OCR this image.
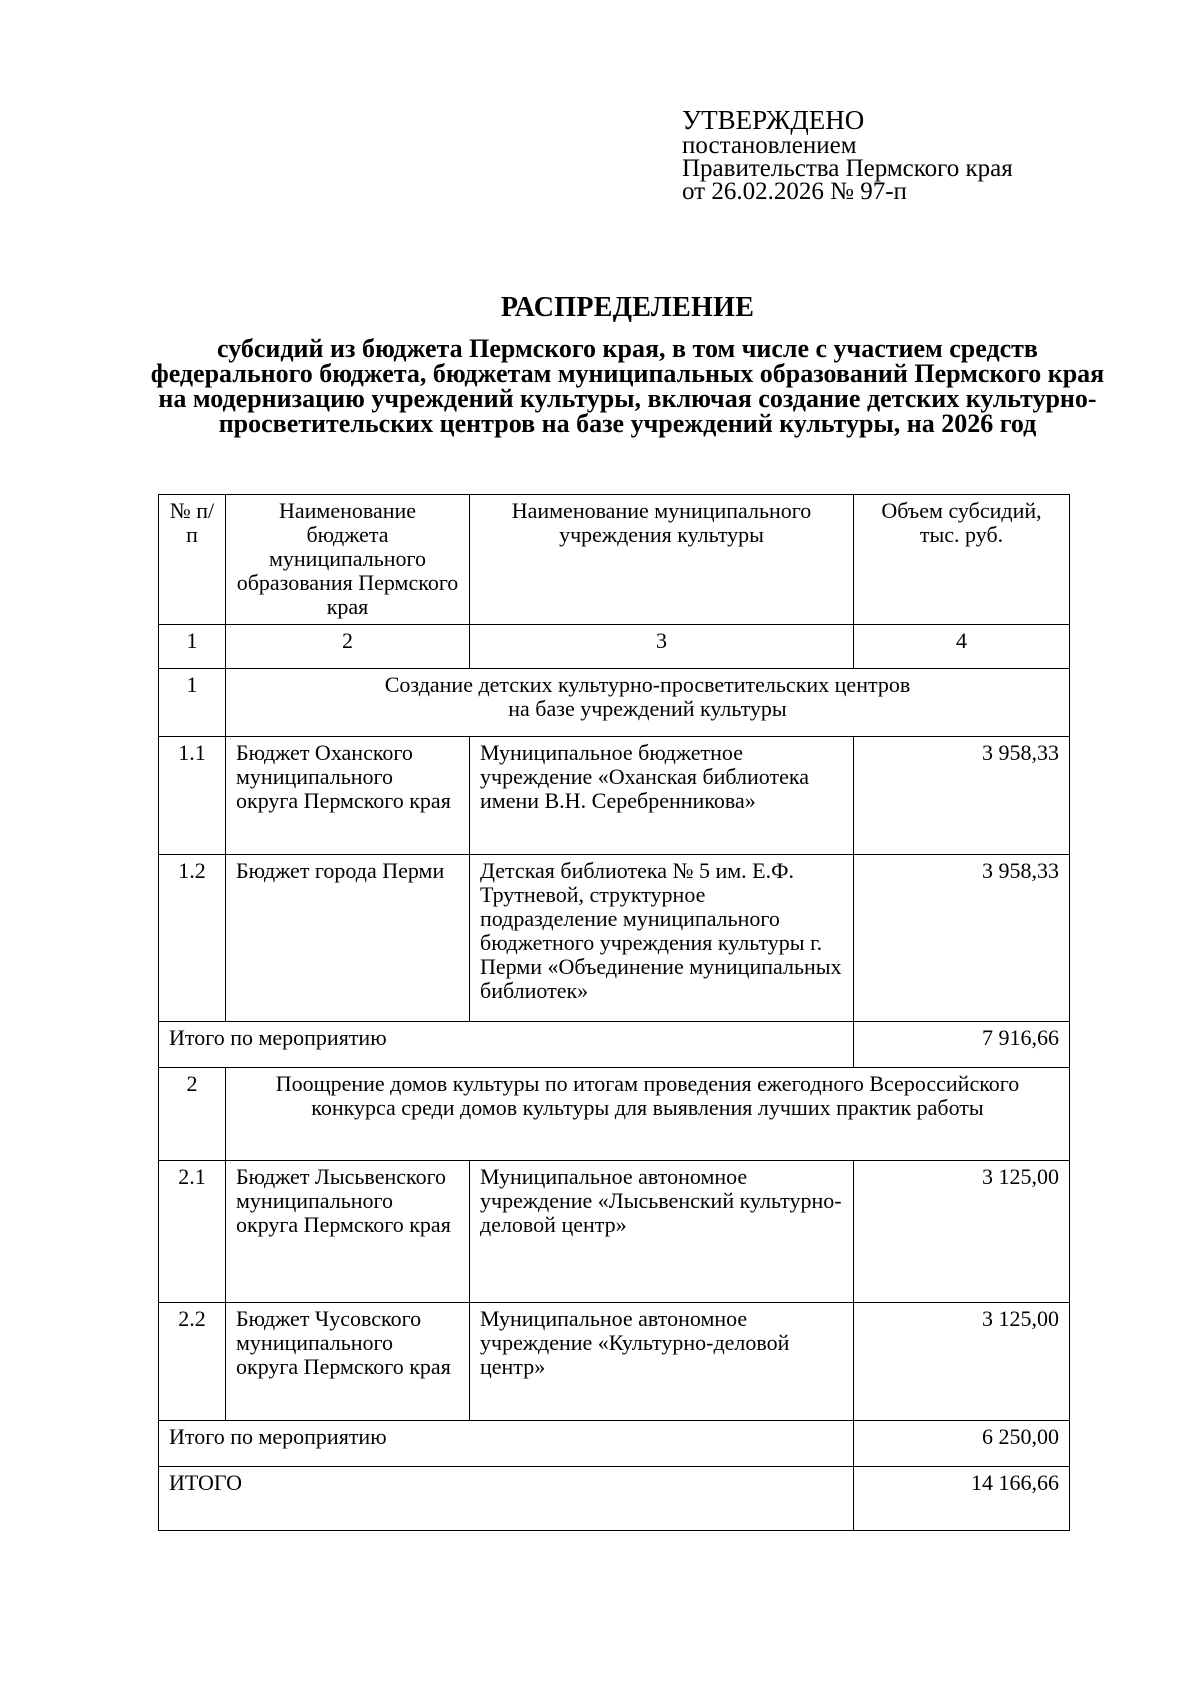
УТВЕРЖДЕНО
постановлением
Правительства Пермского края
от 26.02.2026 № 97-п
РАСПРЕДЕЛЕНИЕ
субсидий из бюджета Пермского края, в том числе с участием средств федерального бюджета, бюджетам муниципальных образований Пермского края на модернизацию учреждений культуры, включая создание детских культурно-просветительских центров на базе учреждений культуры, на 2026 год
№ п/п	Наименование бюджета муниципального образования Пермского края	Наименование муниципального учреждения культуры	Объем субсидий, тыс. руб.
1	2	3	4
1	Создание детских культурно-просветительских центров на базе учреждений культуры		
1.1	Бюджет Оханского муниципального округа Пермского края	Муниципальное бюджетное учреждение «Оханская библиотека имени В.Н. Серебренникова»	3 958,33
1.2	Бюджет города Перми	Детская библиотека № 5 им. Е.Ф. Трутневой, структурное подразделение муниципального бюджетного учреждения культуры г. Перми «Объединение муниципальных библиотек»	3 958,33
Итого по мероприятию			7 916,66
2	Поощрение домов культуры по итогам проведения ежегодного Всероссийского конкурса среди домов культуры для выявления лучших практик работы		
2.1	Бюджет Лысьвенского муниципального округа Пермского края	Муниципальное автономное учреждение «Лысьвенский культурно-деловой центр»	3 125,00
2.2	Бюджет Чусовского муниципального округа Пермского края	Муниципальное автономное учреждение «Культурно-деловой центр»	3 125,00
Итого по мероприятию			6 250,00
ИТОГО			14 166,66
